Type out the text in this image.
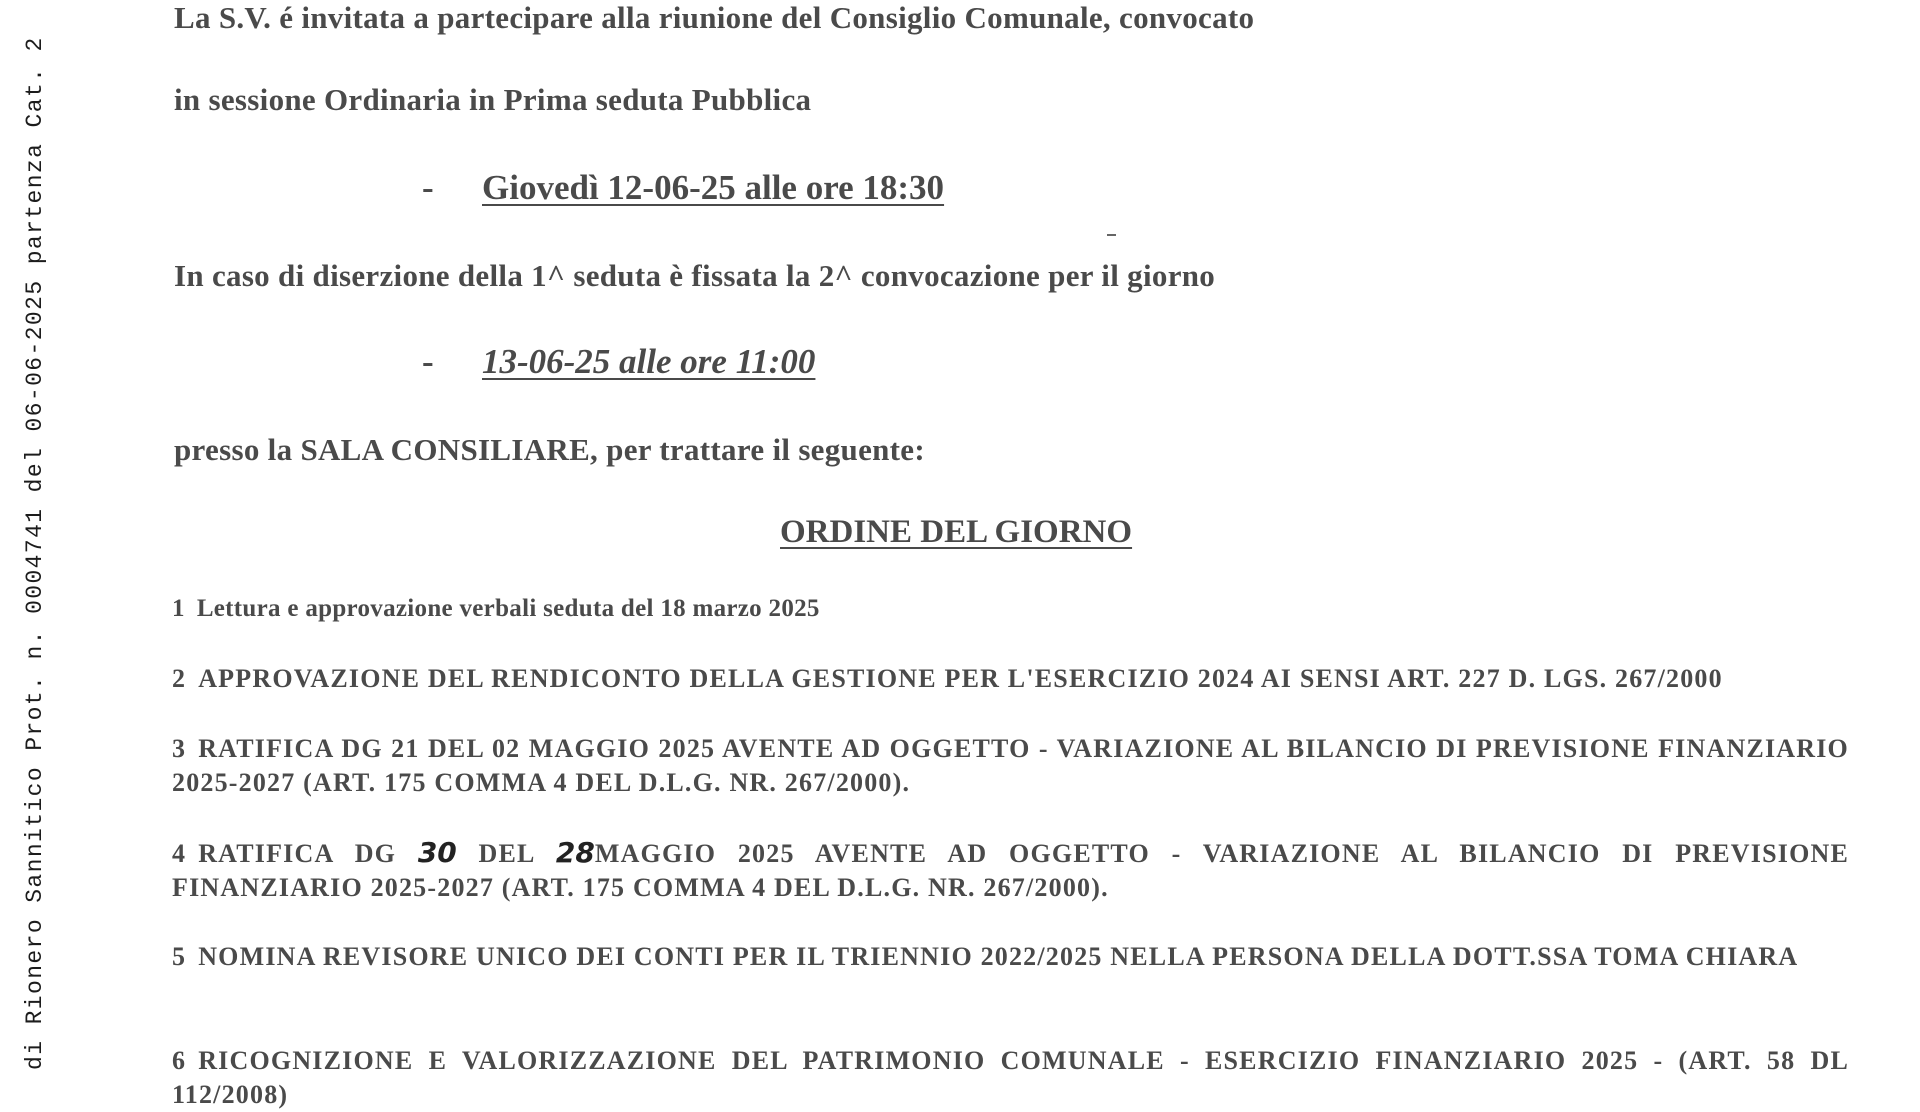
di Rionero Sannitico Prot. n. 0004741 del 06-06-2025 partenza Cat. 2
La S.V. é invitata a partecipare alla riunione del Consiglio Comunale, convocato
in sessione Ordinaria in Prima seduta Pubblica
- Giovedì 12-06-25 alle ore 18:30
In caso di diserzione della 1^ seduta è fissata la 2^ convocazione per il giorno
- 13-06-25 alle ore 11:00
presso la SALA CONSILIARE, per trattare il seguente:
ORDINE DEL GIORNO
1 Lettura e approvazione verbali seduta del 18 marzo 2025
2 APPROVAZIONE DEL RENDICONTO DELLA GESTIONE PER L'ESERCIZIO 2024 AI SENSI ART. 227 D. LGS. 267/2000
3 RATIFICA DG 21 DEL 02 MAGGIO 2025 AVENTE AD OGGETTO - VARIAZIONE AL BILANCIO DI PREVISIONE FINANZIARIO 2025-2027 (ART. 175 COMMA 4 DEL D.L.G. NR. 267/2000).
4 RATIFICA DG 30 DEL 28MAGGIO 2025 AVENTE AD OGGETTO - VARIAZIONE AL BILANCIO DI PREVISIONE FINANZIARIO 2025-2027 (ART. 175 COMMA 4 DEL D.L.G. NR. 267/2000).
5 NOMINA REVISORE UNICO DEI CONTI PER IL TRIENNIO 2022/2025 NELLA PERSONA DELLA DOTT.SSA TOMA CHIARA
6 RICOGNIZIONE E VALORIZZAZIONE DEL PATRIMONIO COMUNALE - ESERCIZIO FINANZIARIO 2025 - (ART. 58 DL 112/2008)
